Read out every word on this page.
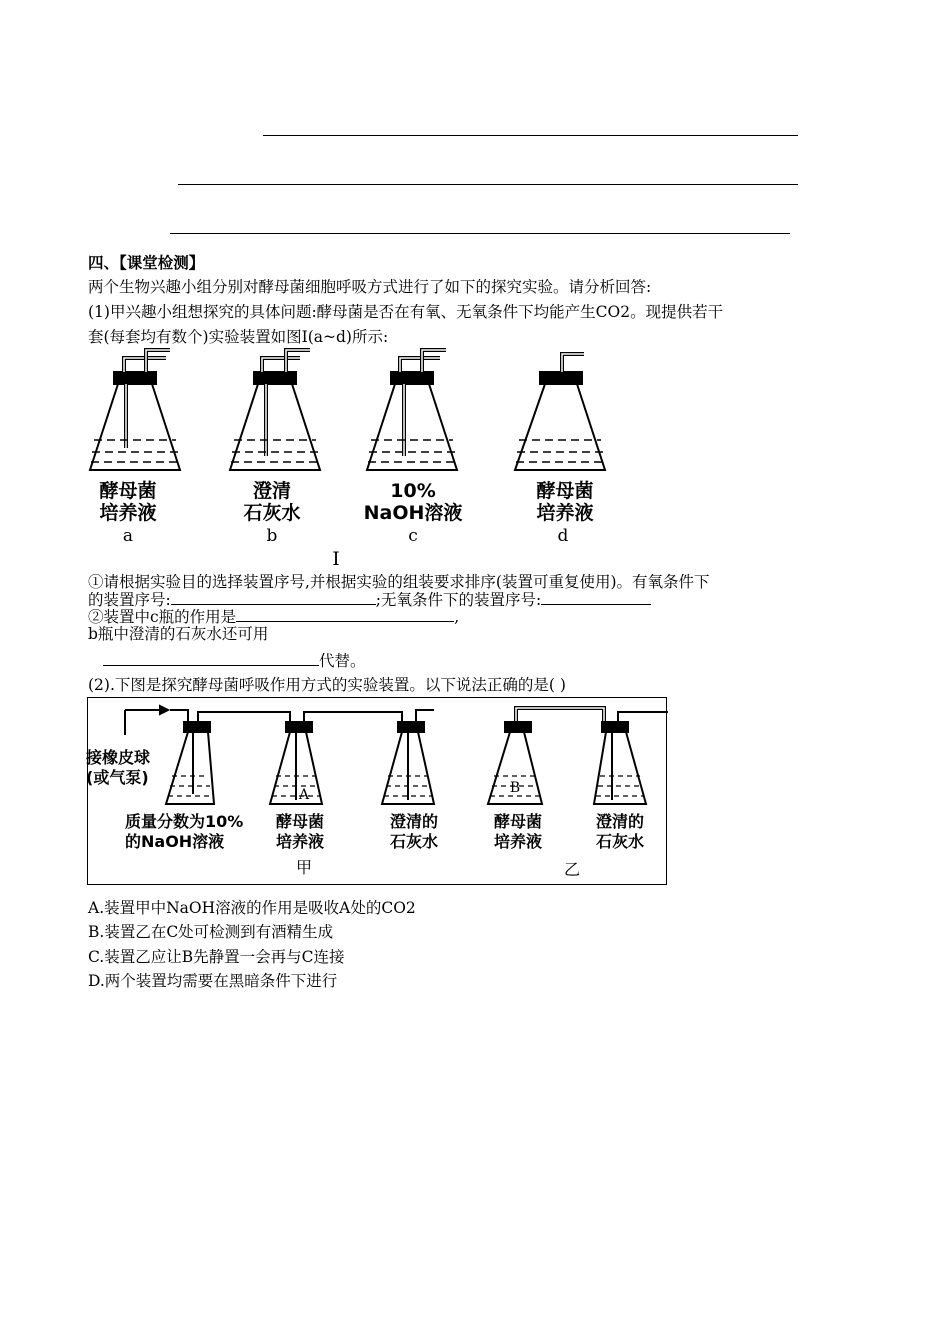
四、【课堂检测】
两个生物兴趣小组分别对酵母菌细胞呼吸方式进行了如下的探究实验。请分析回答:
(1)甲兴趣小组想探究的具体问题:酵母菌是否在有氧、无氧条件下均能产生CO2。现提供若干
套(每套均有数个)实验装置如图Ⅰ(a~d)所示:
酵母菌
培养液
澄清
石灰水
10%
NaOH溶液
酵母菌
培养液
a	b	c	d
I
①请根据实验目的选择装置序号,并根据实验的组装要求排序(装置可重复使用)。有氧条件下
的装置序号:	;无氧条件下的装置序号:
②装置中c瓶的作用是	,
b瓶中澄清的石灰水还可用
代替。
(2).下图是探究酵母菌呼吸作用方式的实验装置。以下说法正确的是( )
A	B
接橡皮球
(或气泵)
质量分数为10%
的NaOH溶液
酵母菌
培养液
澄清的
石灰水
酵母菌
培养液
澄清的
石灰水
甲	乙
A.装置甲中NaOH溶液的作用是吸收A处的CO2
B.装置乙在C处可检测到有酒精生成
C.装置乙应让B先静置一会再与C连接
D.两个装置均需要在黑暗条件下进行
